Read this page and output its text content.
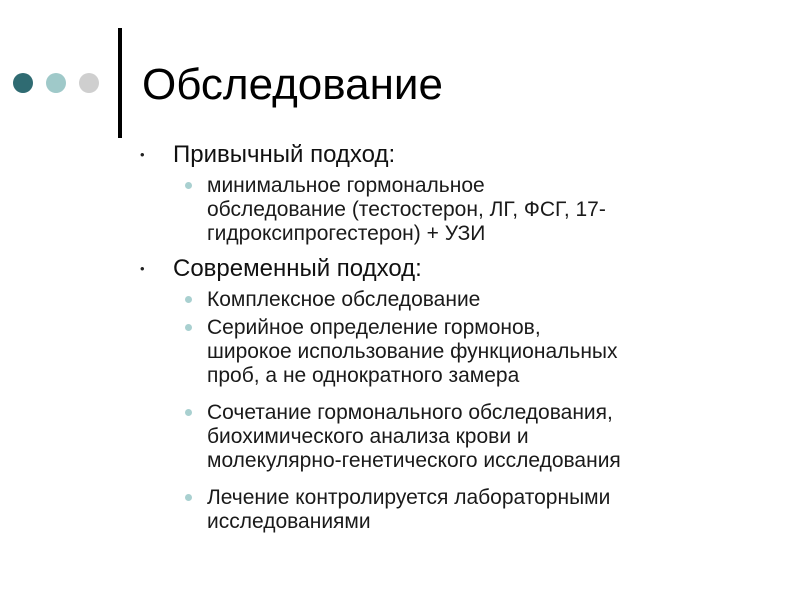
Обследование
• Привычный подход:
минимальное гормональное
обследование (тестостерон, ЛГ, ФСГ, 17-
гидроксипрогестерон) + УЗИ
• Современный подход:
Комплексное обследование
Серийное определение гормонов,
широкое использование функциональных
проб, а не однократного замера
Сочетание гормонального обследования,
биохимического анализа крови и
молекулярно-генетического исследования
Лечение контролируется лабораторными
исследованиями
